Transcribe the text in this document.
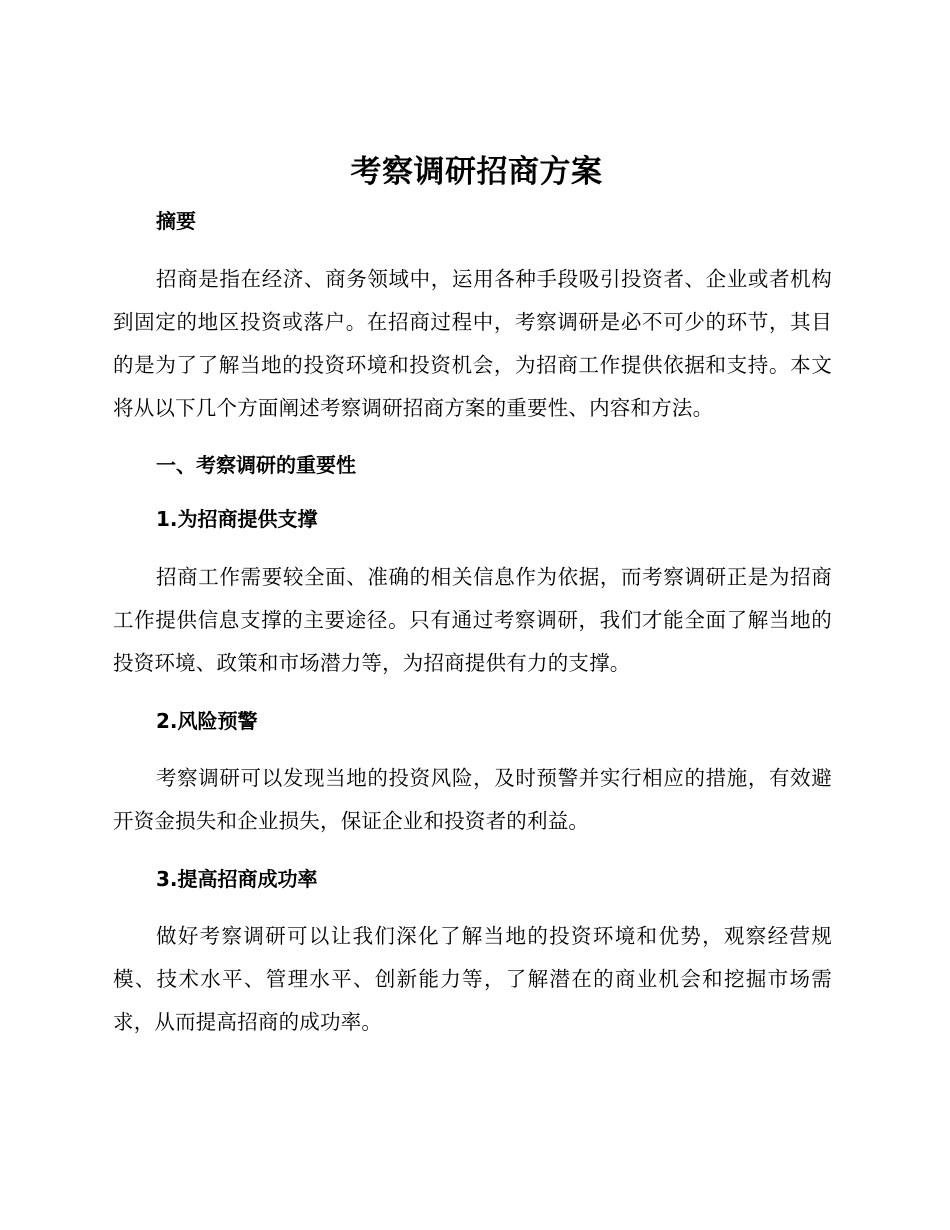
考察调研招商方案
摘要

招商是指在经济、商务领域中，运用各种手段吸引投资者、企业或者机构到固定的地区投资或落户。在招商过程中，考察调研是必不可少的环节，其目的是为了了解当地的投资环境和投资机会，为招商工作提供依据和支持。本文将从以下几个方面阐述考察调研招商方案的重要性、内容和方法。

一、考察调研的重要性
1.为招商提供支撑

招商工作需要较全面、准确的相关信息作为依据，而考察调研正是为招商工作提供信息支撑的主要途径。只有通过考察调研，我们才能全面了解当地的投资环境、政策和市场潜力等，为招商提供有力的支撑。

2.风险预警

考察调研可以发现当地的投资风险，及时预警并实行相应的措施，有效避开资金损失和企业损失，保证企业和投资者的利益。

3.提高招商成功率

做好考察调研可以让我们深化了解当地的投资环境和优势，观察经营规模、技术水平、管理水平、创新能力等，了解潜在的商业机会和挖掘市场需求，从而提高招商的成功率。
